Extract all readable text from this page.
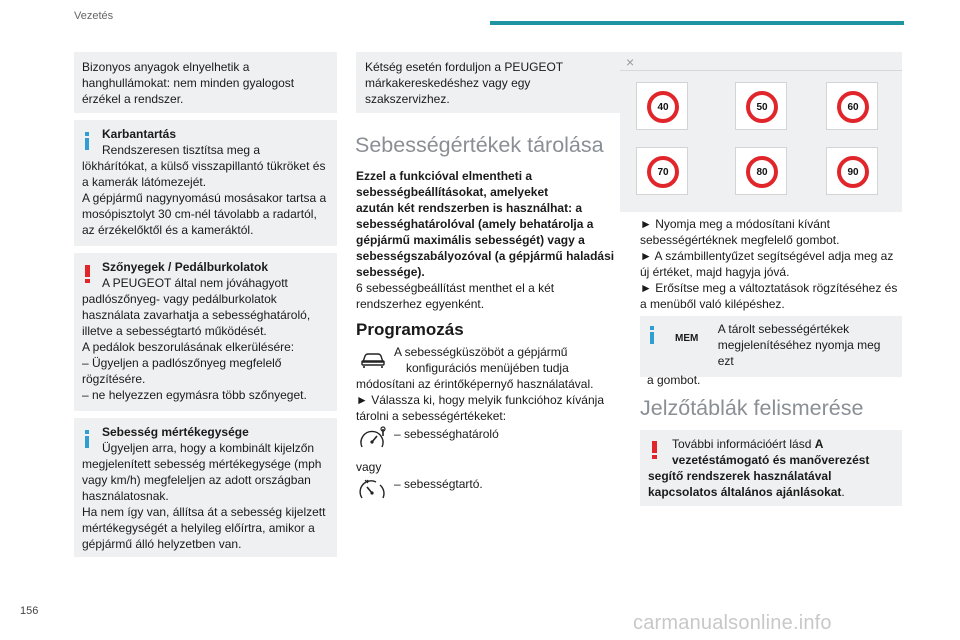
Vezetés

Bizonyos anyagok elnyelhetik a

hanghullámokat: nem minden gyalogost

érzékel a rendszer.

Karbantartás

Rendszeresen tisztítsa meg a

lökhárítókat, a külső visszapillantó tükröket és

a kamerák látómezejét.

A gépjármű nagynyomású mosásakor tartsa a

mosópisztolyt 30 cm-nél távolabb a radartól,

az érzékelőktől és a kameráktól.

Szőnyegek / Pedálburkolatok

A PEUGEOT által nem jóváhagyott

padlószőnyeg- vagy pedálburkolatok

használata zavarhatja a sebességhatároló,

illetve a sebességtartó működését.

A pedálok beszorulásának elkerülésére:

– Ügyeljen a padlószőnyeg megfelelő

rögzítésére.

– ne helyezzen egymásra több szőnyeget.

Sebesség mértékegysége

Ügyeljen arra, hogy a kombinált kijelzőn

megjelenített sebesség mértékegysége (mph

vagy km/h) megfeleljen az adott országban

használatosnak.

Ha nem így van, állítsa át a sebesség kijelzett

mértékegységét a helyileg előírtra, amikor a

gépjármű álló helyzetben van.

Kétség esetén forduljon a PEUGEOT

márkakereskedéshez vagy egy

szakszervizhez.

Sebességértékek tárolása
Ezzel a funkcióval elmentheti a
sebességbeállításokat, amelyeket
azután két rendszerben is használhat: a
sebességhatárolóval (amely behatárolja a
gépjármű maximális sebességét) vagy a
sebességszabályozóval (a gépjármű haladási
sebessége).
6 sebességbeállítást menthet el a két
rendszerhez egyenként.
Programozás
A sebességküszöböt a gépjármű
konfigurációs menüjében tudja
módosítani az érintőképernyő használatával.
► Válassza ki, hogy melyik funkcióhoz kívánja
tárolni a sebességértékeket:
– sebességhatároló
vagy
– sebességtartó.
×
40	50	60
70	80	90
► Nyomja meg a módosítani kívánt
sebességértéknek megfelelő gombot.
► A számbillentyűzet segítségével adja meg az
új értéket, majd hagyja jóvá.
► Erősítse meg a változtatások rögzítéséhez és
a menüből való kilépéshez.
MEM

A tárolt sebességértékek

megjelenítéséhez nyomja meg ezt

a gombot.

Jelzőtáblák felismerése

További információért lásd A

vezetéstámogató és manőverezést

segítő rendszerek használatával

kapcsolatos általános ajánlásokat.

156
carmanualsonline.info
